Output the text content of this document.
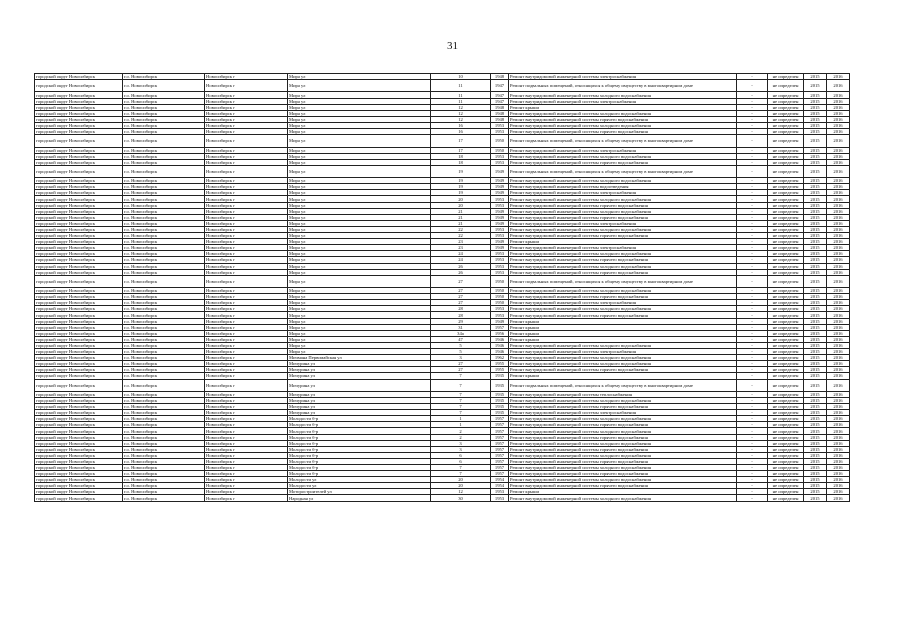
31
городской округ Новосибирск	г.о. Новосибирск	Новосибирск г	Мира ул	10	1948	Ремонт внутридомовой инженерной системы электроснабжения	-	не определен	2015	2016
городской округ Новосибирск	г.о. Новосибирск	Новосибирск г	Мира ул	11	1947	Ремонт подвальных помещений, относящихся к общему имуществу в многоквартирном доме	-	не определен	2015	2016
городской округ Новосибирск	г.о. Новосибирск	Новосибирск г	Мира ул	11	1947	Ремонт внутридомовой инженерной системы холодного водоснабжения	-	не определен	2015	2016
городской округ Новосибирск	г.о. Новосибирск	Новосибирск г	Мира ул	11	1947	Ремонт внутридомовой инженерной системы электроснабжения	-	не определен	2015	2016
городской округ Новосибирск	г.о. Новосибирск	Новосибирск г	Мира ул	12	1948	Ремонт крыши	-	не определен	2015	2016
городской округ Новосибирск	г.о. Новосибирск	Новосибирск г	Мира ул	12	1948	Ремонт внутридомовой инженерной системы холодного водоснабжения	-	не определен	2015	2016
городской округ Новосибирск	г.о. Новосибирск	Новосибирск г	Мира ул	12	1948	Ремонт внутридомовой инженерной системы горячего водоснабжения	-	не определен	2015	2016
городской округ Новосибирск	г.о. Новосибирск	Новосибирск г	Мира ул	16	1953	Ремонт внутридомовой инженерной системы холодного водоснабжения	-	не определен	2015	2016
городской округ Новосибирск	г.о. Новосибирск	Новосибирск г	Мира ул	16	1953	Ремонт внутридомовой инженерной системы горячего водоснабжения	-	не определен	2015	2016
городской округ Новосибирск	г.о. Новосибирск	Новосибирск г	Мира ул	17	1950	Ремонт подвальных помещений, относящихся к общему имуществу в многоквартирном доме	-	не определен	2015	2016
городской округ Новосибирск	г.о. Новосибирск	Новосибирск г	Мира ул	17	1950	Ремонт внутридомовой инженерной системы электроснабжения	-	не определен	2015	2016
городской округ Новосибирск	г.о. Новосибирск	Новосибирск г	Мира ул	18	1953	Ремонт внутридомовой инженерной системы холодного водоснабжения	-	не определен	2015	2016
городской округ Новосибирск	г.о. Новосибирск	Новосибирск г	Мира ул	18	1953	Ремонт внутридомовой инженерной системы горячего водоснабжения	-	не определен	2015	2016
городской округ Новосибирск	г.о. Новосибирск	Новосибирск г	Мира ул	19	1949	Ремонт подвальных помещений, относящихся к общему имуществу в многоквартирном доме	-	не определен	2015	2016
городской округ Новосибирск	г.о. Новосибирск	Новосибирск г	Мира ул	19	1949	Ремонт внутридомовой инженерной системы холодного водоснабжения	-	не определен	2015	2016
городской округ Новосибирск	г.о. Новосибирск	Новосибирск г	Мира ул	19	1949	Ремонт внутридомовой инженерной системы водоотведения	-	не определен	2015	2016
городской округ Новосибирск	г.о. Новосибирск	Новосибирск г	Мира ул	19	1949	Ремонт внутридомовой инженерной системы электроснабжения	-	не определен	2015	2016
городской округ Новосибирск	г.о. Новосибирск	Новосибирск г	Мира ул	20	1953	Ремонт внутридомовой инженерной системы холодного водоснабжения	-	не определен	2015	2016
городской округ Новосибирск	г.о. Новосибирск	Новосибирск г	Мира ул	20	1953	Ремонт внутридомовой инженерной системы горячего водоснабжения	-	не определен	2015	2016
городской округ Новосибирск	г.о. Новосибирск	Новосибирск г	Мира ул	21	1949	Ремонт внутридомовой инженерной системы холодного водоснабжения	-	не определен	2015	2016
городской округ Новосибирск	г.о. Новосибирск	Новосибирск г	Мира ул	21	1949	Ремонт внутридомовой инженерной системы горячего водоснабжения	-	не определен	2015	2016
городской округ Новосибирск	г.о. Новосибирск	Новосибирск г	Мира ул	21	1949	Ремонт внутридомовой инженерной системы электроснабжения	-	не определен	2015	2016
городской округ Новосибирск	г.о. Новосибирск	Новосибирск г	Мира ул	22	1953	Ремонт внутридомовой инженерной системы холодного водоснабжения	-	не определен	2015	2016
городской округ Новосибирск	г.о. Новосибирск	Новосибирск г	Мира ул	22	1953	Ремонт внутридомовой инженерной системы горячего водоснабжения	-	не определен	2015	2016
городской округ Новосибирск	г.о. Новосибирск	Новосибирск г	Мира ул	23	1949	Ремонт крыши	-	не определен	2015	2016
городской округ Новосибирск	г.о. Новосибирск	Новосибирск г	Мира ул	23	1949	Ремонт внутридомовой инженерной системы электроснабжения	-	не определен	2015	2016
городской округ Новосибирск	г.о. Новосибирск	Новосибирск г	Мира ул	24	1953	Ремонт внутридомовой инженерной системы холодного водоснабжения	-	не определен	2015	2016
городской округ Новосибирск	г.о. Новосибирск	Новосибирск г	Мира ул	24	1953	Ремонт внутридомовой инженерной системы горячего водоснабжения	-	не определен	2015	2016
городской округ Новосибирск	г.о. Новосибирск	Новосибирск г	Мира ул	26	1953	Ремонт внутридомовой инженерной системы холодного водоснабжения	-	не определен	2015	2016
городской округ Новосибирск	г.о. Новосибирск	Новосибирск г	Мира ул	26	1953	Ремонт внутридомовой инженерной системы горячего водоснабжения	-	не определен	2015	2016
городской округ Новосибирск	г.о. Новосибирск	Новосибирск г	Мира ул	27	1950	Ремонт подвальных помещений, относящихся к общему имуществу в многоквартирном доме	-	не определен	2015	2016
городской округ Новосибирск	г.о. Новосибирск	Новосибирск г	Мира ул	27	1950	Ремонт внутридомовой инженерной системы холодного водоснабжения	-	не определен	2015	2016
городской округ Новосибирск	г.о. Новосибирск	Новосибирск г	Мира ул	27	1950	Ремонт внутридомовой инженерной системы горячего водоснабжения	-	не определен	2015	2016
городской округ Новосибирск	г.о. Новосибирск	Новосибирск г	Мира ул	27	1950	Ремонт внутридомовой инженерной системы электроснабжения	-	не определен	2015	2016
городской округ Новосибирск	г.о. Новосибирск	Новосибирск г	Мира ул	28	1953	Ремонт внутридомовой инженерной системы холодного водоснабжения	-	не определен	2015	2016
городской округ Новосибирск	г.о. Новосибирск	Новосибирск г	Мира ул	28	1953	Ремонт внутридомовой инженерной системы горячего водоснабжения	-	не определен	2015	2016
городской округ Новосибирск	г.о. Новосибирск	Новосибирск г	Мира ул	29	1949	Ремонт крыши	-	не определен	2015	2016
городской округ Новосибирск	г.о. Новосибирск	Новосибирск г	Мира ул	31	1957	Ремонт крыши	-	не определен	2015	2016
городской округ Новосибирск	г.о. Новосибирск	Новосибирск г	Мира ул	34а	1956	Ремонт крыши	-	не определен	2015	2016
городской округ Новосибирск	г.о. Новосибирск	Новосибирск г	Мира ул	47	1946	Ремонт крыши	-	не определен	2015	2016
городской округ Новосибирск	г.о. Новосибирск	Новосибирск г	Мира ул	5	1946	Ремонт внутридомовой инженерной системы холодного водоснабжения	-	не определен	2015	2016
городской округ Новосибирск	г.о. Новосибирск	Новосибирск г	Мира ул	5	1946	Ремонт внутридомовой инженерной системы электроснабжения	-	не определен	2015	2016
городской округ Новосибирск	г.о. Новосибирск	Новосибирск г	Мичмана Первомайская ул	3	1962	Ремонт внутридомовой инженерной системы холодного водоснабжения	-	не определен	2015	2016
городской округ Новосибирск	г.о. Новосибирск	Новосибирск г	Мичурина ул	27	1955	Ремонт внутридомовой инженерной системы холодного водоснабжения	-	не определен	2015	2016
городской округ Новосибирск	г.о. Новосибирск	Новосибирск г	Мичурина ул	27	1955	Ремонт внутридомовой инженерной системы горячего водоснабжения	-	не определен	2015	2016
городской округ Новосибирск	г.о. Новосибирск	Новосибирск г	Мичурина ул	7	1935	Ремонт крыши	-	не определен	2015	2016
городской округ Новосибирск	г.о. Новосибирск	Новосибирск г	Мичурина ул	7	1935	Ремонт подвальных помещений, относящихся к общему имуществу в многоквартирном доме	-	не определен	2015	2016
городской округ Новосибирск	г.о. Новосибирск	Новосибирск г	Мичурина ул	7	1935	Ремонт внутридомовой инженерной системы теплоснабжения	-	не определен	2015	2016
городской округ Новосибирск	г.о. Новосибирск	Новосибирск г	Мичурина ул	7	1935	Ремонт внутридомовой инженерной системы холодного водоснабжения	-	не определен	2015	2016
городской округ Новосибирск	г.о. Новосибирск	Новосибирск г	Мичурина ул	7	1935	Ремонт внутридомовой инженерной системы горячего водоснабжения	-	не определен	2015	2016
городской округ Новосибирск	г.о. Новосибирск	Новосибирск г	Мичурина ул	7	1935	Ремонт внутридомовой инженерной системы электроснабжения	-	не определен	2015	2016
городской округ Новосибирск	г.о. Новосибирск	Новосибирск г	Молодости б-р	1	1957	Ремонт внутридомовой инженерной системы холодного водоснабжения	-	не определен	2015	2016
городской округ Новосибирск	г.о. Новосибирск	Новосибирск г	Молодости б-р	1	1957	Ремонт внутридомовой инженерной системы горячего водоснабжения	-	не определен	2015	2016
городской округ Новосибирск	г.о. Новосибирск	Новосибирск г	Молодости б-р	2	1957	Ремонт внутридомовой инженерной системы холодного водоснабжения	-	не определен	2015	2016
городской округ Новосибирск	г.о. Новосибирск	Новосибирск г	Молодости б-р	2	1957	Ремонт внутридомовой инженерной системы горячего водоснабжения	-	не определен	2015	2016
городской округ Новосибирск	г.о. Новосибирск	Новосибирск г	Молодости б-р	3	1957	Ремонт внутридомовой инженерной системы холодного водоснабжения	-	не определен	2015	2016
городской округ Новосибирск	г.о. Новосибирск	Новосибирск г	Молодости б-р	3	1957	Ремонт внутридомовой инженерной системы горячего водоснабжения	-	не определен	2015	2016
городской округ Новосибирск	г.о. Новосибирск	Новосибирск г	Молодости б-р	6	1957	Ремонт внутридомовой инженерной системы холодного водоснабжения	-	не определен	2015	2016
городской округ Новосибирск	г.о. Новосибирск	Новосибирск г	Молодости б-р	6	1957	Ремонт внутридомовой инженерной системы горячего водоснабжения	-	не определен	2015	2016
городской округ Новосибирск	г.о. Новосибирск	Новосибирск г	Молодости б-р	7	1957	Ремонт внутридомовой инженерной системы холодного водоснабжения	-	не определен	2015	2016
городской округ Новосибирск	г.о. Новосибирск	Новосибирск г	Молодости б-р	7	1957	Ремонт внутридомовой инженерной системы горячего водоснабжения	-	не определен	2015	2016
городской округ Новосибирск	г.о. Новосибирск	Новосибирск г	Молодости ул	20	1954	Ремонт внутридомовой инженерной системы холодного водоснабжения	-	не определен	2015	2016
городской округ Новосибирск	г.о. Новосибирск	Новосибирск г	Молодости ул	20	1954	Ремонт внутридомовой инженерной системы горячего водоснабжения	-	не определен	2015	2016
городской округ Новосибирск	г.о. Новосибирск	Новосибирск г	Моторостроителей ул	12	1953	Ремонт крыши	-	не определен	2015	2016
городской округ Новосибирск	г.о. Новосибирск	Новосибирск г	Народная ул	30	1953	Ремонт внутридомовой инженерной системы холодного водоснабжения	-	не определен	2015	2016
